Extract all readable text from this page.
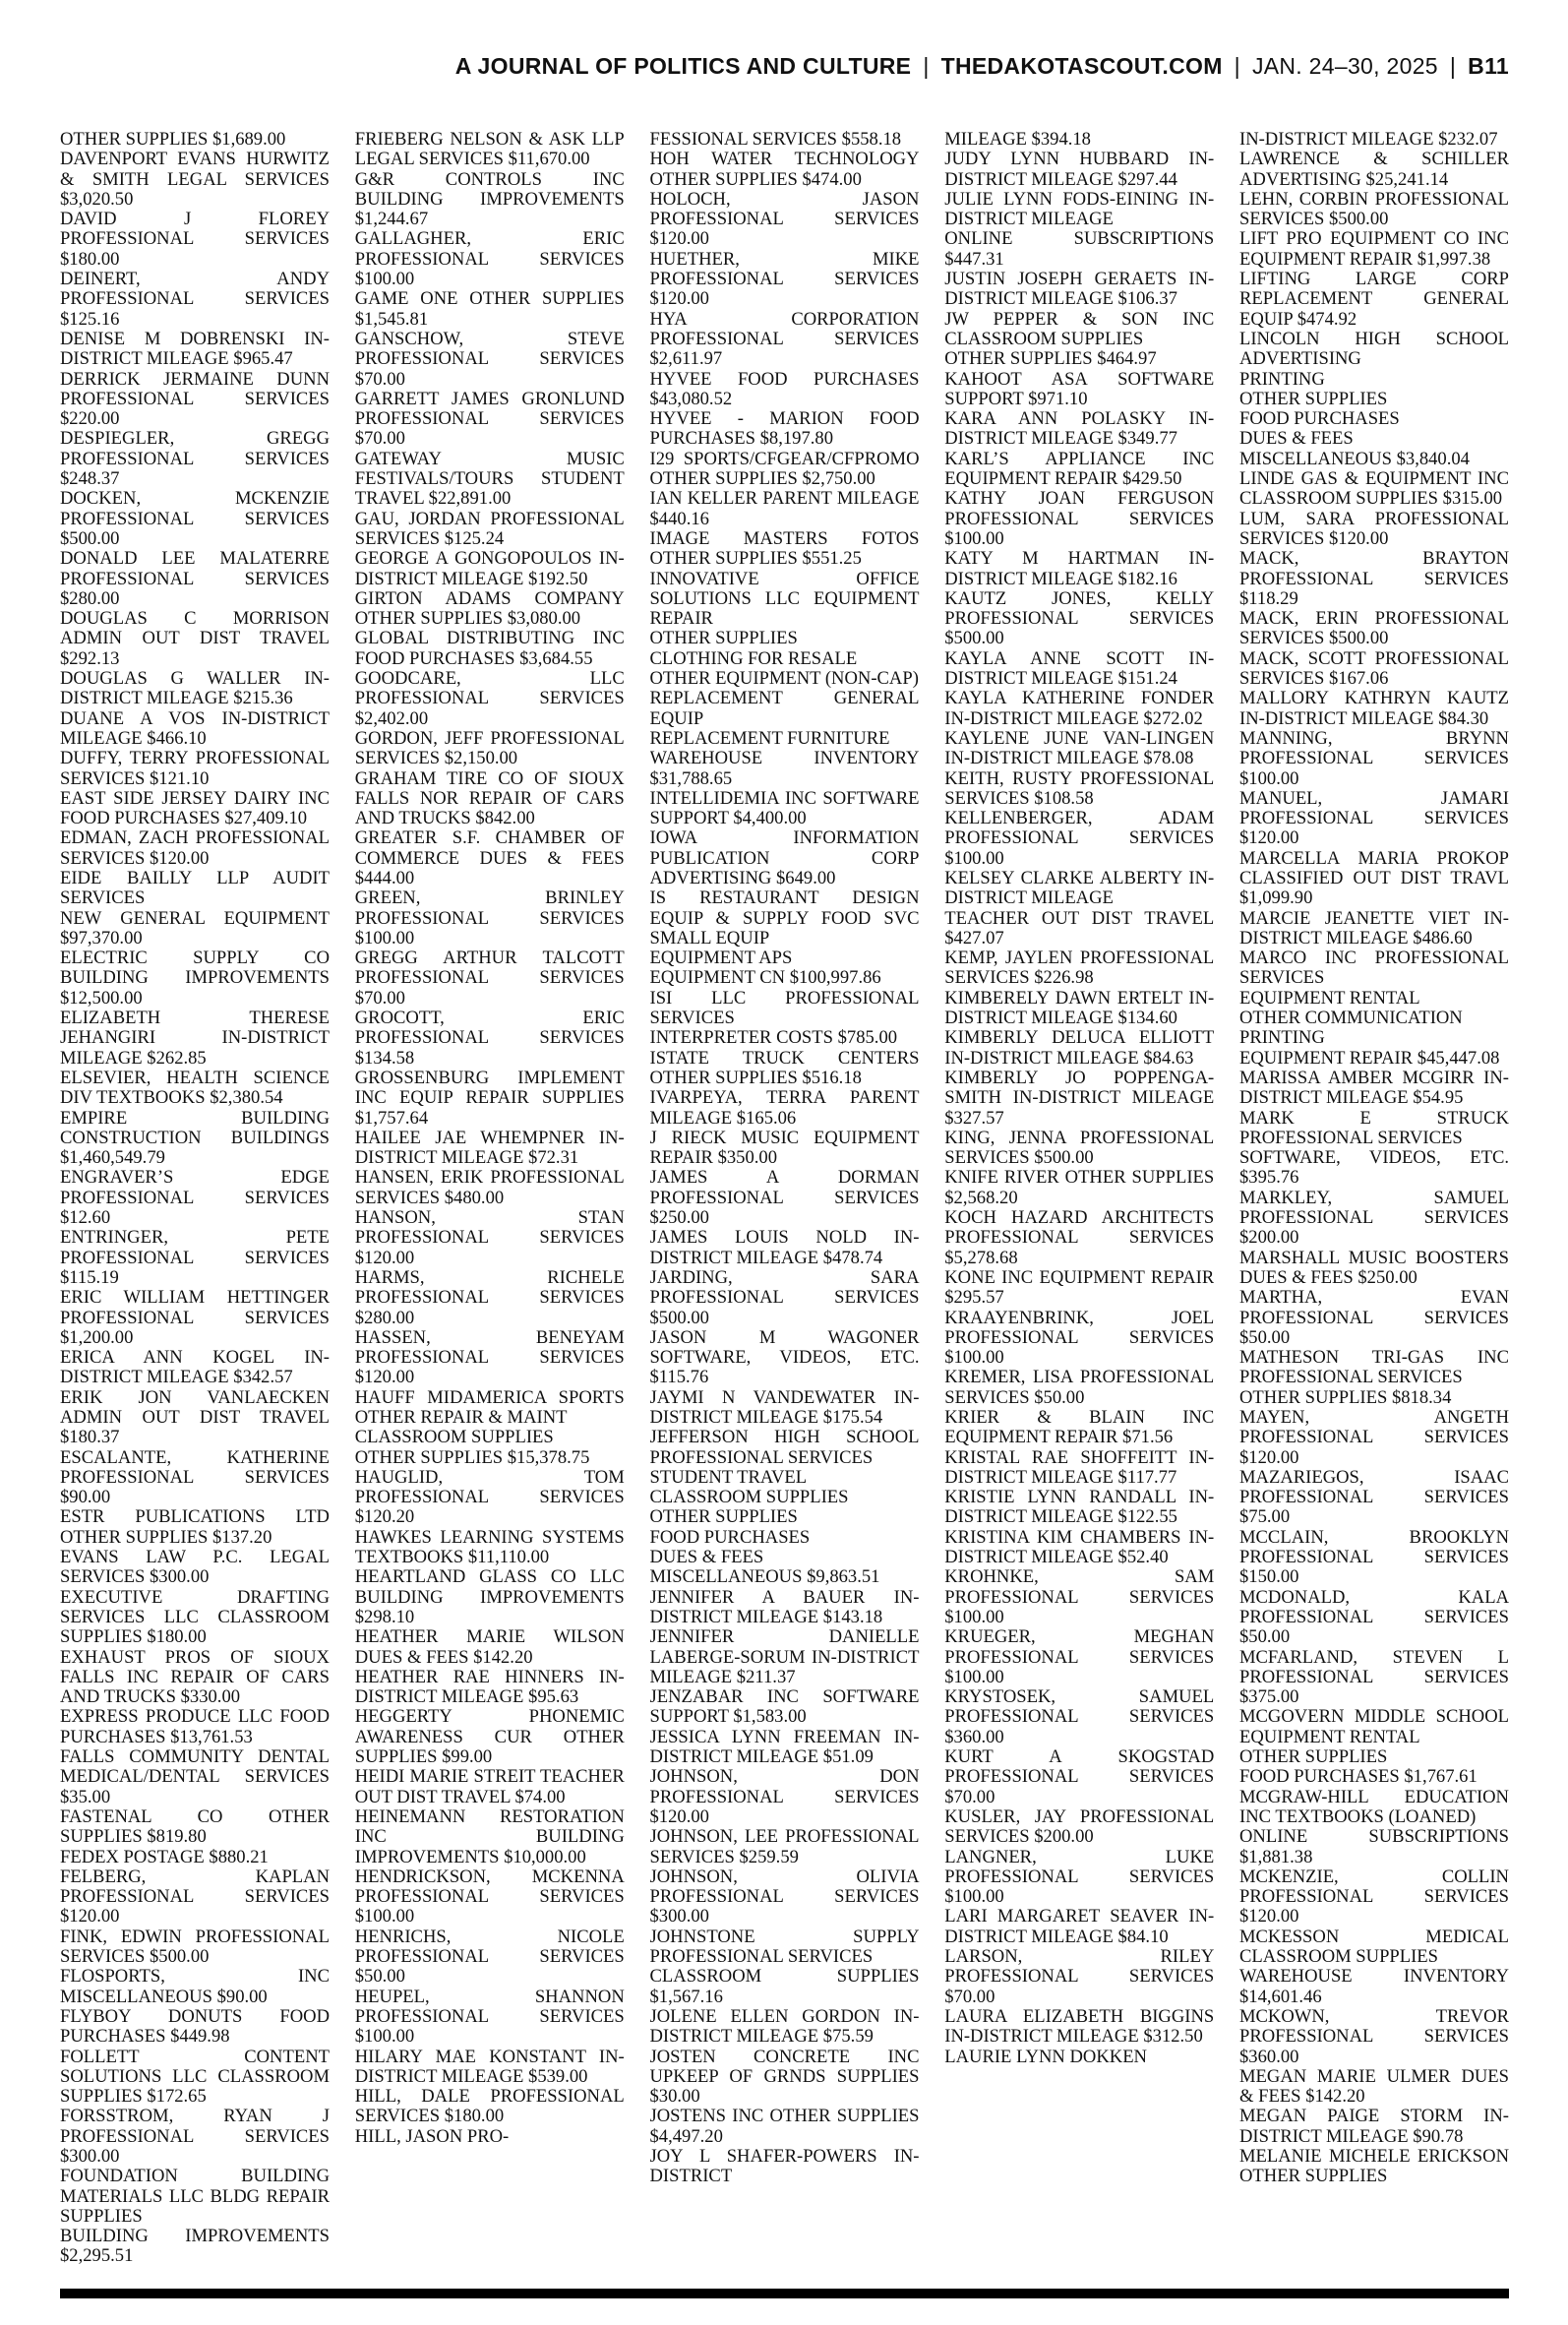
A JOURNAL OF POLITICS AND CULTURE | THEDAKOTASCOUT.COM | JAN. 24–30, 2025 | B11

OTHER SUPPLIES $1,689.00

DAVENPORT EVANS HURWITZ & SMITH LEGAL SERVICES $3,020.50

DAVID J FLOREY PROFESSIONAL SERVICES $180.00

DEINERT, ANDY PROFESSIONAL SERVICES $125.16

DENISE M DOBRENSKI IN-DISTRICT MILEAGE $965.47

DERRICK JERMAINE DUNN PROFESSIONAL SERVICES $220.00

DESPIEGLER, GREGG PROFESSIONAL SERVICES $248.37

DOCKEN, MCKENZIE PROFESSIONAL SERVICES $500.00

DONALD LEE MALATERRE PROFESSIONAL SERVICES $280.00

DOUGLAS C MORRISON ADMIN OUT DIST TRAVEL $292.13

DOUGLAS G WALLER IN-DISTRICT MILEAGE $215.36

DUANE A VOS IN-DISTRICT MILEAGE $466.10

DUFFY, TERRY PROFESSIONAL SERVICES $121.10

EAST SIDE JERSEY DAIRY INC FOOD PURCHASES $27,409.10

EDMAN, ZACH PROFESSIONAL SERVICES $120.00

EIDE BAILLY LLP AUDIT SERVICES

NEW GENERAL EQUIPMENT $97,370.00

ELECTRIC SUPPLY CO BUILDING IMPROVEMENTS $12,500.00

ELIZABETH THERESE JEHANGIRI IN-DISTRICT MILEAGE $262.85

ELSEVIER, HEALTH SCIENCE DIV TEXTBOOKS $2,380.54

EMPIRE BUILDING CONSTRUCTION BUILDINGS $1,460,549.79

ENGRAVER’S EDGE PROFESSIONAL SERVICES $12.60

ENTRINGER, PETE PROFESSIONAL SERVICES $115.19

ERIC WILLIAM HETTINGER PROFESSIONAL SERVICES $1,200.00

ERICA ANN KOGEL IN-DISTRICT MILEAGE $342.57

ERIK JON VANLAECKEN ADMIN OUT DIST TRAVEL $180.37

ESCALANTE, KATHERINE PROFESSIONAL SERVICES $90.00

ESTR PUBLICATIONS LTD OTHER SUPPLIES $137.20

EVANS LAW P.C. LEGAL SERVICES $300.00

EXECUTIVE DRAFTING SERVICES LLC CLASSROOM SUPPLIES $180.00

EXHAUST PROS OF SIOUX FALLS INC REPAIR OF CARS AND TRUCKS $330.00

EXPRESS PRODUCE LLC FOOD PURCHASES $13,761.53

FALLS COMMUNITY DENTAL MEDICAL/DENTAL SERVICES $35.00

FASTENAL CO OTHER SUPPLIES $819.80

FEDEX POSTAGE $880.21

FELBERG, KAPLAN PROFESSIONAL SERVICES $120.00

FINK, EDWIN PROFESSIONAL SERVICES $500.00

FLOSPORTS, INC MISCELLANEOUS $90.00

FLYBOY DONUTS FOOD PURCHASES $449.98

FOLLETT CONTENT SOLUTIONS LLC CLASSROOM SUPPLIES $172.65

FORSSTROM, RYAN J PROFESSIONAL SERVICES $300.00

FOUNDATION BUILDING MATERIALS LLC BLDG REPAIR SUPPLIES

BUILDING IMPROVEMENTS $2,295.51

FRIEBERG NELSON & ASK LLP LEGAL SERVICES $11,670.00

G&R CONTROLS INC BUILDING IMPROVEMENTS $1,244.67

GALLAGHER, ERIC PROFESSIONAL SERVICES $100.00

GAME ONE OTHER SUPPLIES $1,545.81

GANSCHOW, STEVE PROFESSIONAL SERVICES $70.00

GARRETT JAMES GRONLUND PROFESSIONAL SERVICES $70.00

GATEWAY MUSIC FESTIVALS/TOURS STUDENT TRAVEL $22,891.00

GAU, JORDAN PROFESSIONAL SERVICES $125.24

GEORGE A GONGOPOULOS IN-DISTRICT MILEAGE $192.50

GIRTON ADAMS COMPANY OTHER SUPPLIES $3,080.00

GLOBAL DISTRIBUTING INC FOOD PURCHASES $3,684.55

GOODCARE, LLC PROFESSIONAL SERVICES $2,402.00

GORDON, JEFF PROFESSIONAL SERVICES $2,150.00

GRAHAM TIRE CO OF SIOUX FALLS NOR REPAIR OF CARS AND TRUCKS $842.00

GREATER S.F. CHAMBER OF COMMERCE DUES & FEES $444.00

GREEN, BRINLEY PROFESSIONAL SERVICES $100.00

GREGG ARTHUR TALCOTT PROFESSIONAL SERVICES $70.00

GROCOTT, ERIC PROFESSIONAL SERVICES $134.58

GROSSENBURG IMPLEMENT INC EQUIP REPAIR SUPPLIES $1,757.64

HAILEE JAE WHEMPNER IN-DISTRICT MILEAGE $72.31

HANSEN, ERIK PROFESSIONAL SERVICES $480.00

HANSON, STAN PROFESSIONAL SERVICES $120.00

HARMS, RICHELE PROFESSIONAL SERVICES $280.00

HASSEN, BENEYAM PROFESSIONAL SERVICES $120.00

HAUFF MIDAMERICA SPORTS OTHER REPAIR & MAINT

CLASSROOM SUPPLIES

OTHER SUPPLIES $15,378.75

HAUGLID, TOM PROFESSIONAL SERVICES $120.20

HAWKES LEARNING SYSTEMS TEXTBOOKS $11,110.00

HEARTLAND GLASS CO LLC BUILDING IMPROVEMENTS $298.10

HEATHER MARIE WILSON DUES & FEES $142.20

HEATHER RAE HINNERS IN-DISTRICT MILEAGE $95.63

HEGGERTY PHONEMIC AWARENESS CUR OTHER SUPPLIES $99.00

HEIDI MARIE STREIT TEACHER OUT DIST TRAVEL $74.00

HEINEMANN RESTORATION INC BUILDING IMPROVEMENTS $10,000.00

HENDRICKSON, MCKENNA PROFESSIONAL SERVICES $100.00

HENRICHS, NICOLE PROFESSIONAL SERVICES $50.00

HEUPEL, SHANNON PROFESSIONAL SERVICES $100.00

HILARY MAE KONSTANT IN-DISTRICT MILEAGE $539.00

HILL, DALE PROFESSIONAL SERVICES $180.00

HILL, JASON PRO-

FESSIONAL SERVICES $558.18

HOH WATER TECHNOLOGY OTHER SUPPLIES $474.00

HOLOCH, JASON PROFESSIONAL SERVICES $120.00

HUETHER, MIKE PROFESSIONAL SERVICES $120.00

HYA CORPORATION PROFESSIONAL SERVICES $2,611.97

HYVEE FOOD PURCHASES $43,080.52

HYVEE - MARION FOOD PURCHASES $8,197.80

I29 SPORTS/CFGEAR/CFPROMO OTHER SUPPLIES $2,750.00

IAN KELLER PARENT MILEAGE $440.16

IMAGE MASTERS FOTOS OTHER SUPPLIES $551.25

INNOVATIVE OFFICE SOLUTIONS LLC EQUIPMENT REPAIR

OTHER SUPPLIES

CLOTHING FOR RESALE

OTHER EQUIPMENT (NON-CAP)

REPLACEMENT GENERAL EQUIP

REPLACEMENT FURNITURE

WAREHOUSE INVENTORY $31,788.65

INTELLIDEMIA INC SOFTWARE SUPPORT $4,400.00

IOWA INFORMATION PUBLICATION CORP ADVERTISING $649.00

IS RESTAURANT DESIGN EQUIP & SUPPLY FOOD SVC SMALL EQUIP

EQUIPMENT APS

EQUIPMENT CN $100,997.86

ISI LLC PROFESSIONAL SERVICES

INTERPRETER COSTS $785.00

ISTATE TRUCK CENTERS OTHER SUPPLIES $516.18

IVARPEYA, TERRA PARENT MILEAGE $165.06

J RIECK MUSIC EQUIPMENT REPAIR $350.00

JAMES A DORMAN PROFESSIONAL SERVICES $250.00

JAMES LOUIS NOLD IN-DISTRICT MILEAGE $478.74

JARDING, SARA PROFESSIONAL SERVICES $500.00

JASON M WAGONER SOFTWARE, VIDEOS, ETC. $115.76

JAYMI N VANDEWATER IN-DISTRICT MILEAGE $175.54

JEFFERSON HIGH SCHOOL PROFESSIONAL SERVICES

STUDENT TRAVEL

CLASSROOM SUPPLIES

OTHER SUPPLIES

FOOD PURCHASES

DUES & FEES

MISCELLANEOUS $9,863.51

JENNIFER A BAUER IN-DISTRICT MILEAGE $143.18

JENNIFER DANIELLE LABERGE-SORUM IN-DISTRICT MILEAGE $211.37

JENZABAR INC SOFTWARE SUPPORT $1,583.00

JESSICA LYNN FREEMAN IN-DISTRICT MILEAGE $51.09

JOHNSON, DON PROFESSIONAL SERVICES $120.00

JOHNSON, LEE PROFESSIONAL SERVICES $259.59

JOHNSON, OLIVIA PROFESSIONAL SERVICES $300.00

JOHNSTONE SUPPLY PROFESSIONAL SERVICES

CLASSROOM SUPPLIES $1,567.16

JOLENE ELLEN GORDON IN-DISTRICT MILEAGE $75.59

JOSTEN CONCRETE INC UPKEEP OF GRNDS SUPPLIES $30.00

JOSTENS INC OTHER SUPPLIES $4,497.20

JOY L SHAFER-POWERS IN-DISTRICT

MILEAGE $394.18

JUDY LYNN HUBBARD IN-DISTRICT MILEAGE $297.44

JULIE LYNN FODS-EINING IN-DISTRICT MILEAGE

ONLINE SUBSCRIPTIONS $447.31

JUSTIN JOSEPH GERAETS IN-DISTRICT MILEAGE $106.37

JW PEPPER & SON INC CLASSROOM SUPPLIES

OTHER SUPPLIES $464.97

KAHOOT ASA SOFTWARE SUPPORT $971.10

KARA ANN POLASKY IN-DISTRICT MILEAGE $349.77

KARL’S APPLIANCE INC EQUIPMENT REPAIR $429.50

KATHY JOAN FERGUSON PROFESSIONAL SERVICES $100.00

KATY M HARTMAN IN-DISTRICT MILEAGE $182.16

KAUTZ JONES, KELLY PROFESSIONAL SERVICES $500.00

KAYLA ANNE SCOTT IN-DISTRICT MILEAGE $151.24

KAYLA KATHERINE FONDER IN-DISTRICT MILEAGE $272.02

KAYLENE JUNE VAN-LINGEN IN-DISTRICT MILEAGE $78.08

KEITH, RUSTY PROFESSIONAL SERVICES $108.58

KELLENBERGER, ADAM PROFESSIONAL SERVICES $100.00

KELSEY CLARKE ALBERTY IN-DISTRICT MILEAGE

TEACHER OUT DIST TRAVEL $427.07

KEMP, JAYLEN PROFESSIONAL SERVICES $226.98

KIMBERELY DAWN ERTELT IN-DISTRICT MILEAGE $134.60

KIMBERLY DELUCA ELLIOTT IN-DISTRICT MILEAGE $84.63

KIMBERLY JO POPPENGA-SMITH IN-DISTRICT MILEAGE $327.57

KING, JENNA PROFESSIONAL SERVICES $500.00

KNIFE RIVER OTHER SUPPLIES $2,568.20

KOCH HAZARD ARCHITECTS PROFESSIONAL SERVICES $5,278.68

KONE INC EQUIPMENT REPAIR $295.57

KRAAYENBRINK, JOEL PROFESSIONAL SERVICES $100.00

KREMER, LISA PROFESSIONAL SERVICES $50.00

KRIER & BLAIN INC EQUIPMENT REPAIR $71.56

KRISTAL RAE SHOFFEITT IN-DISTRICT MILEAGE $117.77

KRISTIE LYNN RANDALL IN-DISTRICT MILEAGE $122.55

KRISTINA KIM CHAMBERS IN-DISTRICT MILEAGE $52.40

KROHNKE, SAM PROFESSIONAL SERVICES $100.00

KRUEGER, MEGHAN PROFESSIONAL SERVICES $100.00

KRYSTOSEK, SAMUEL PROFESSIONAL SERVICES $360.00

KURT A SKOGSTAD PROFESSIONAL SERVICES $70.00

KUSLER, JAY PROFESSIONAL SERVICES $200.00

LANGNER, LUKE PROFESSIONAL SERVICES $100.00

LARI MARGARET SEAVER IN-DISTRICT MILEAGE $84.10

LARSON, RILEY PROFESSIONAL SERVICES $70.00

LAURA ELIZABETH BIGGINS IN-DISTRICT MILEAGE $312.50

LAURIE LYNN DOKKEN

IN-DISTRICT MILEAGE $232.07

LAWRENCE & SCHILLER ADVERTISING $25,241.14

LEHN, CORBIN PROFESSIONAL SERVICES $500.00

LIFT PRO EQUIPMENT CO INC EQUIPMENT REPAIR $1,997.38

LIFTING LARGE CORP REPLACEMENT GENERAL EQUIP $474.92

LINCOLN HIGH SCHOOL ADVERTISING

PRINTING

OTHER SUPPLIES

FOOD PURCHASES

DUES & FEES

MISCELLANEOUS $3,840.04

LINDE GAS & EQUIPMENT INC CLASSROOM SUPPLIES $315.00

LUM, SARA PROFESSIONAL SERVICES $120.00

MACK, BRAYTON PROFESSIONAL SERVICES $118.29

MACK, ERIN PROFESSIONAL SERVICES $500.00

MACK, SCOTT PROFESSIONAL SERVICES $167.06

MALLORY KATHRYN KAUTZ IN-DISTRICT MILEAGE $84.30

MANNING, BRYNN PROFESSIONAL SERVICES $100.00

MANUEL, JAMARI PROFESSIONAL SERVICES $120.00

MARCELLA MARIA PROKOP CLASSIFIED OUT DIST TRAVL $1,099.90

MARCIE JEANETTE VIET IN-DISTRICT MILEAGE $486.60

MARCO INC PROFESSIONAL SERVICES

EQUIPMENT RENTAL

OTHER COMMUNICATION

PRINTING

EQUIPMENT REPAIR $45,447.08

MARISSA AMBER MCGIRR IN-DISTRICT MILEAGE $54.95

MARK E STRUCK PROFESSIONAL SERVICES

SOFTWARE, VIDEOS, ETC. $395.76

MARKLEY, SAMUEL PROFESSIONAL SERVICES $200.00

MARSHALL MUSIC BOOSTERS DUES & FEES $250.00

MARTHA, EVAN PROFESSIONAL SERVICES $50.00

MATHESON TRI-GAS INC PROFESSIONAL SERVICES

OTHER SUPPLIES $818.34

MAYEN, ANGETH PROFESSIONAL SERVICES $120.00

MAZARIEGOS, ISAAC PROFESSIONAL SERVICES $75.00

MCCLAIN, BROOKLYN PROFESSIONAL SERVICES $150.00

MCDONALD, KALA PROFESSIONAL SERVICES $50.00

MCFARLAND, STEVEN L PROFESSIONAL SERVICES $375.00

MCGOVERN MIDDLE SCHOOL EQUIPMENT RENTAL

OTHER SUPPLIES

FOOD PURCHASES $1,767.61

MCGRAW-HILL EDUCATION INC TEXTBOOKS (LOANED)

ONLINE SUBSCRIPTIONS $1,881.38

MCKENZIE, COLLIN PROFESSIONAL SERVICES $120.00

MCKESSON MEDICAL CLASSROOM SUPPLIES

WAREHOUSE INVENTORY $14,601.46

MCKOWN, TREVOR PROFESSIONAL SERVICES $360.00

MEGAN MARIE ULMER DUES & FEES $142.20

MEGAN PAIGE STORM IN-DISTRICT MILEAGE $90.78

MELANIE MICHELE ERICKSON OTHER SUPPLIES
